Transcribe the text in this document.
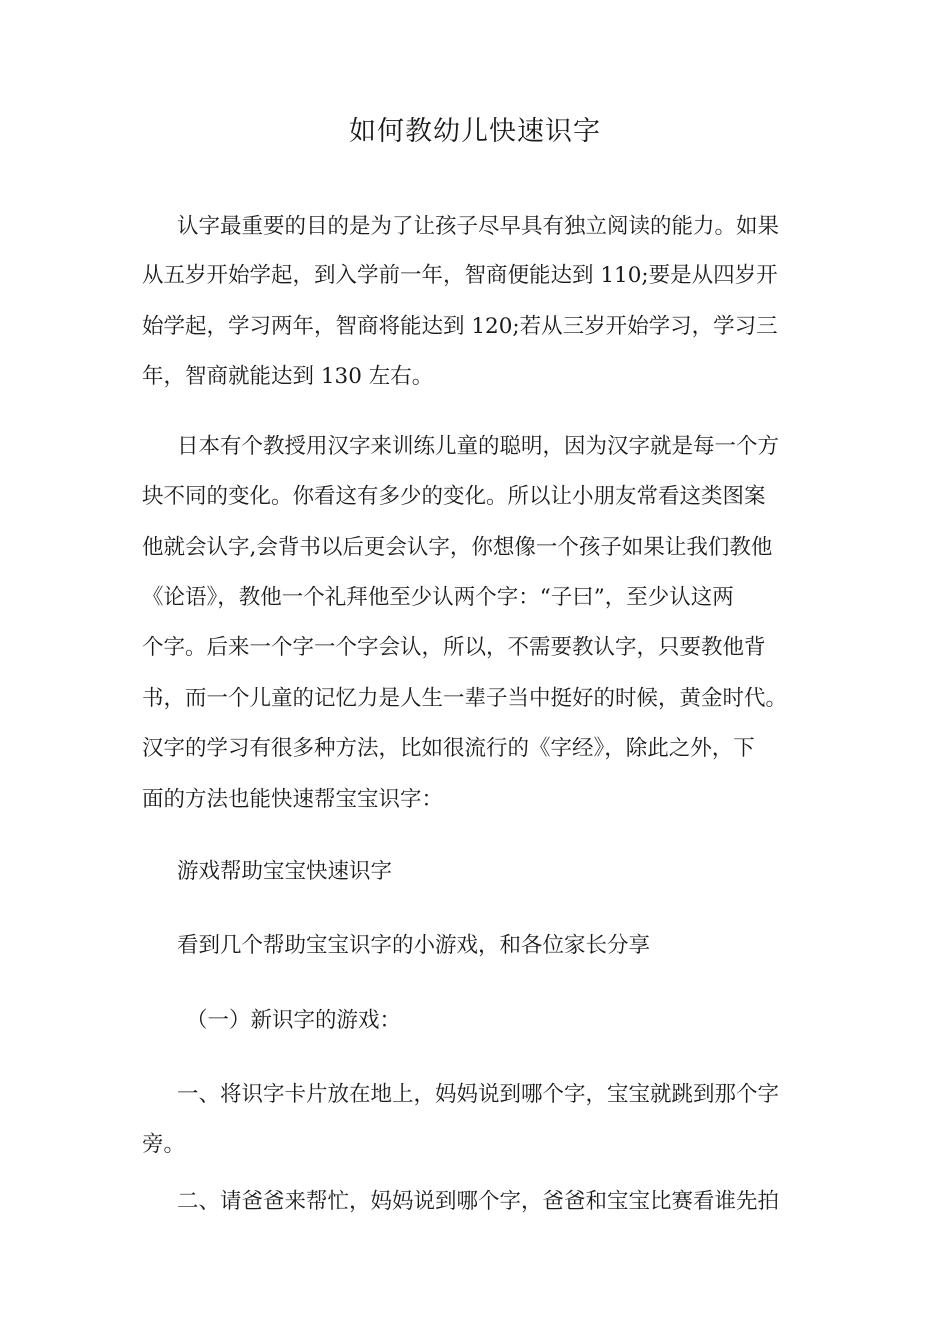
如何教幼儿快速识字
认字最重要的目的是为了让孩子尽早具有独立阅读的能力。如果
从五岁开始学起，到入学前一年，智商便能达到 110;要是从四岁开
始学起，学习两年，智商将能达到 120;若从三岁开始学习，学习三
年，智商就能达到 130 左右。
日本有个教授用汉字来训练儿童的聪明，因为汉字就是每一个方
块不同的变化。你看这有多少的变化。所以让小朋友常看这类图案
他就会认字,会背书以后更会认字，你想像一个孩子如果让我们教他
《论语》，教他一个礼拜他至少认两个字：“子曰”，至少认这两
个字。后来一个字一个字会认，所以，不需要教认字，只要教他背
书，而一个儿童的记忆力是人生一辈子当中挺好的时候，黄金时代。
汉字的学习有很多种方法，比如很流行的《字经》，除此之外，下
面的方法也能快速帮宝宝识字：
游戏帮助宝宝快速识字
看到几个帮助宝宝识字的小游戏，和各位家长分享
（一）新识字的游戏：
一、将识字卡片放在地上，妈妈说到哪个字，宝宝就跳到那个字
旁。
二、请爸爸来帮忙，妈妈说到哪个字，爸爸和宝宝比赛看谁先拍
